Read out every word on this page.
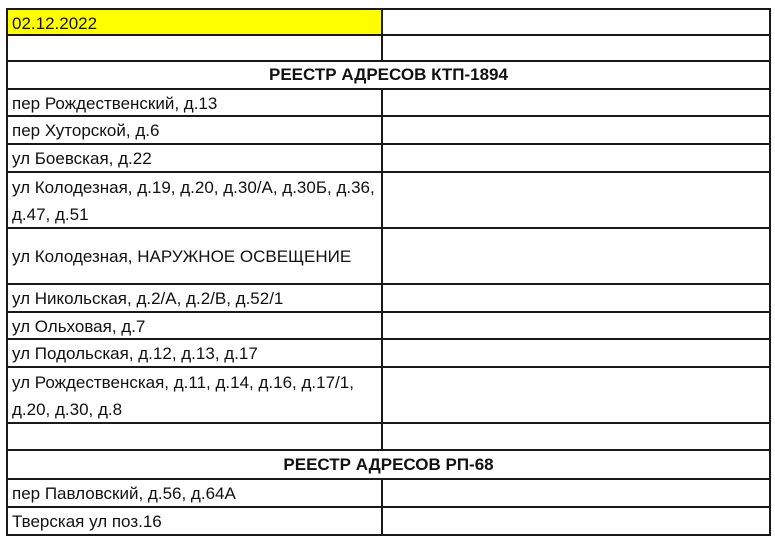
02.12.2022
РЕЕСТР АДРЕСОВ КТП-1894
пер Рождественский, д.13
пер Хуторской, д.6
ул Боевская, д.22
ул Колодезная, д.19, д.20, д.30/А, д.30Б, д.36, д.47, д.51
ул Колодезная, НАРУЖНОЕ ОСВЕЩЕНИЕ
ул Никольская, д.2/А, д.2/В, д.52/1
ул Ольховая, д.7
ул Подольская, д.12, д.13, д.17
ул Рождественская, д.11, д.14, д.16, д.17/1, д.20, д.30, д.8
РЕЕСТР АДРЕСОВ РП-68
пер Павловский, д.56, д.64А
Тверская ул поз.16
